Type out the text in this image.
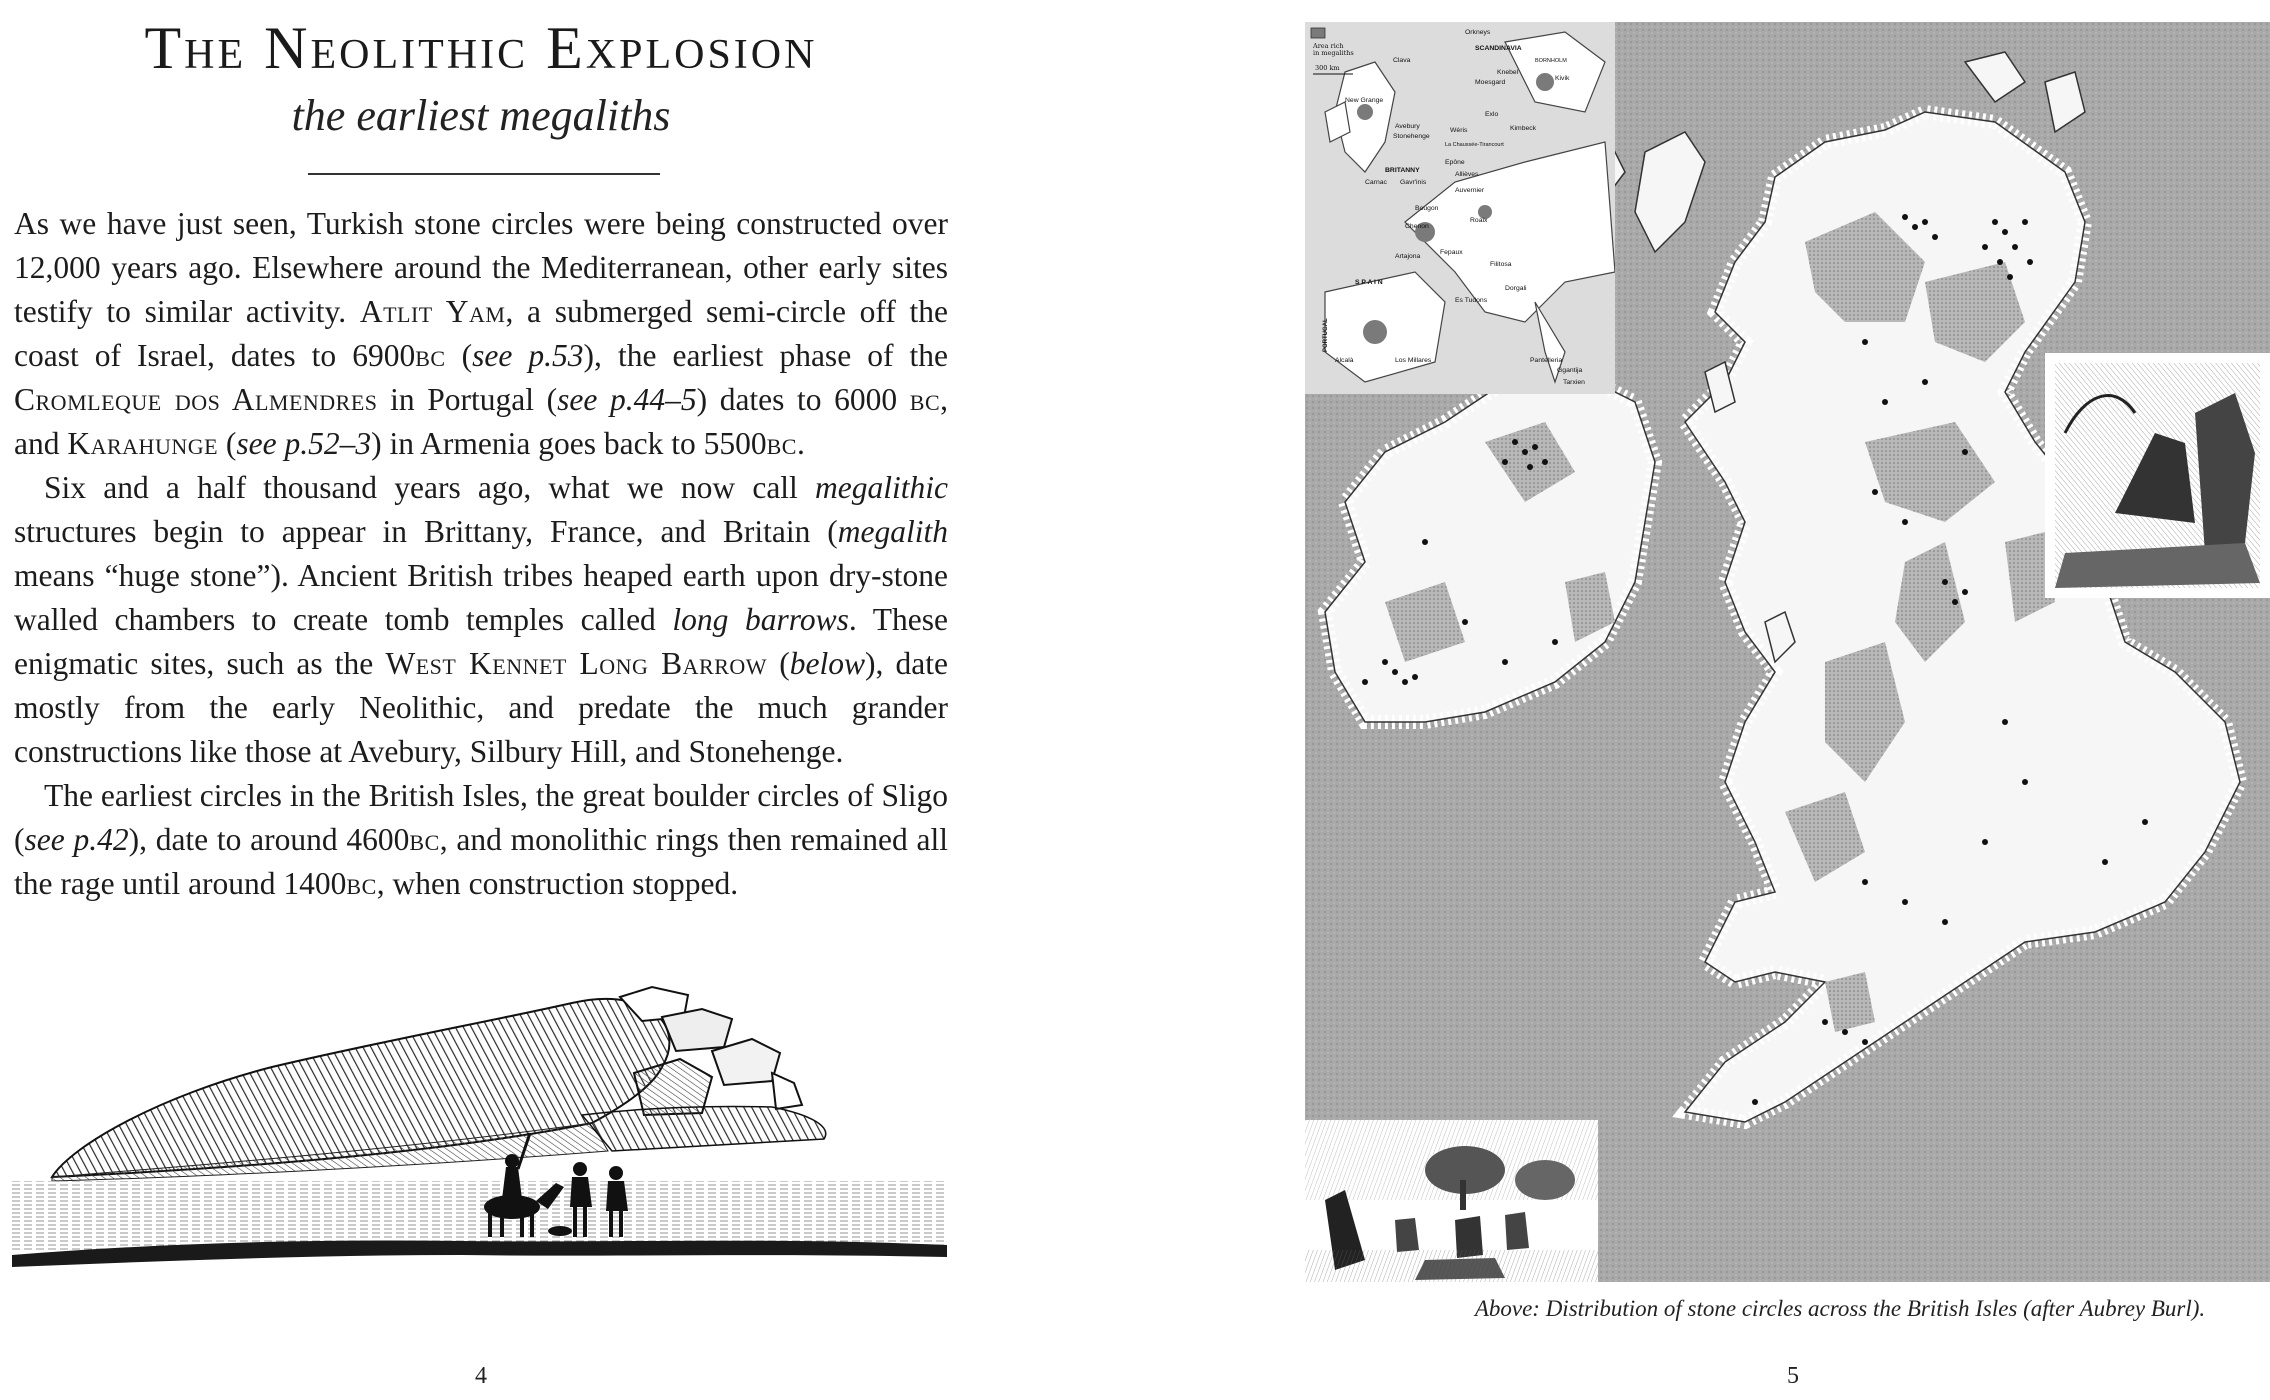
The Neolithic Explosion
the earliest megaliths

As we have just seen, Turkish stone circles were being constructed over 12,000 years ago. Elsewhere around the Mediterranean, other early sites testify to similar activity. Atlit Yam, a submerged semi-circle off the coast of Israel, dates to 6900bc (see p.53), the earliest phase of the Cromleque dos Almendres in Portugal (see p.44–5) dates to 6000 bc, and Karahunge (see p.52–3) in Armenia goes back to 5500bc.

Six and a half thousand years ago, what we now call megalithic structures begin to appear in Brittany, France, and Britain (megalith means “huge stone”). Ancient British tribes heaped earth upon dry-stone walled chambers to create tomb temples called long barrows. These enigmatic sites, such as the West Kennet Long Barrow (below), date mostly from the early Neolithic, and predate the much grander constructions like those at Avebury, Silbury Hill, and Stonehenge.

The earliest circles in the British Isles, the great boulder circles of Sligo (see p.42), date to around 4600bc, and monolithic rings then remained all the rage until around 1400bc, when construction stopped.

4
Area rich
in megaliths
300 km
Orkneys
SCANDINAVIA
Clava	BORNHOLM
Knebel
Moesgard
Kivik
New Grange
Exlo
Avebury
Stonehenge
Wéris	Kimbeck
La Chaussée-Tirancourt
Epône
BRITANNY
Allièves
Carnac Gavr'inis
Auvernier
Bougon
Chenon
Roaix
Artajona
Fepaux
Filitosa
S P A I N
PORTUGAL
Es Tudons
Dorgali
Alcalà	Los Millares	Pantelleria
Ggantija
Tarxien
Above: Distribution of stone circles across the British Isles (after Aubrey Burl).
5
